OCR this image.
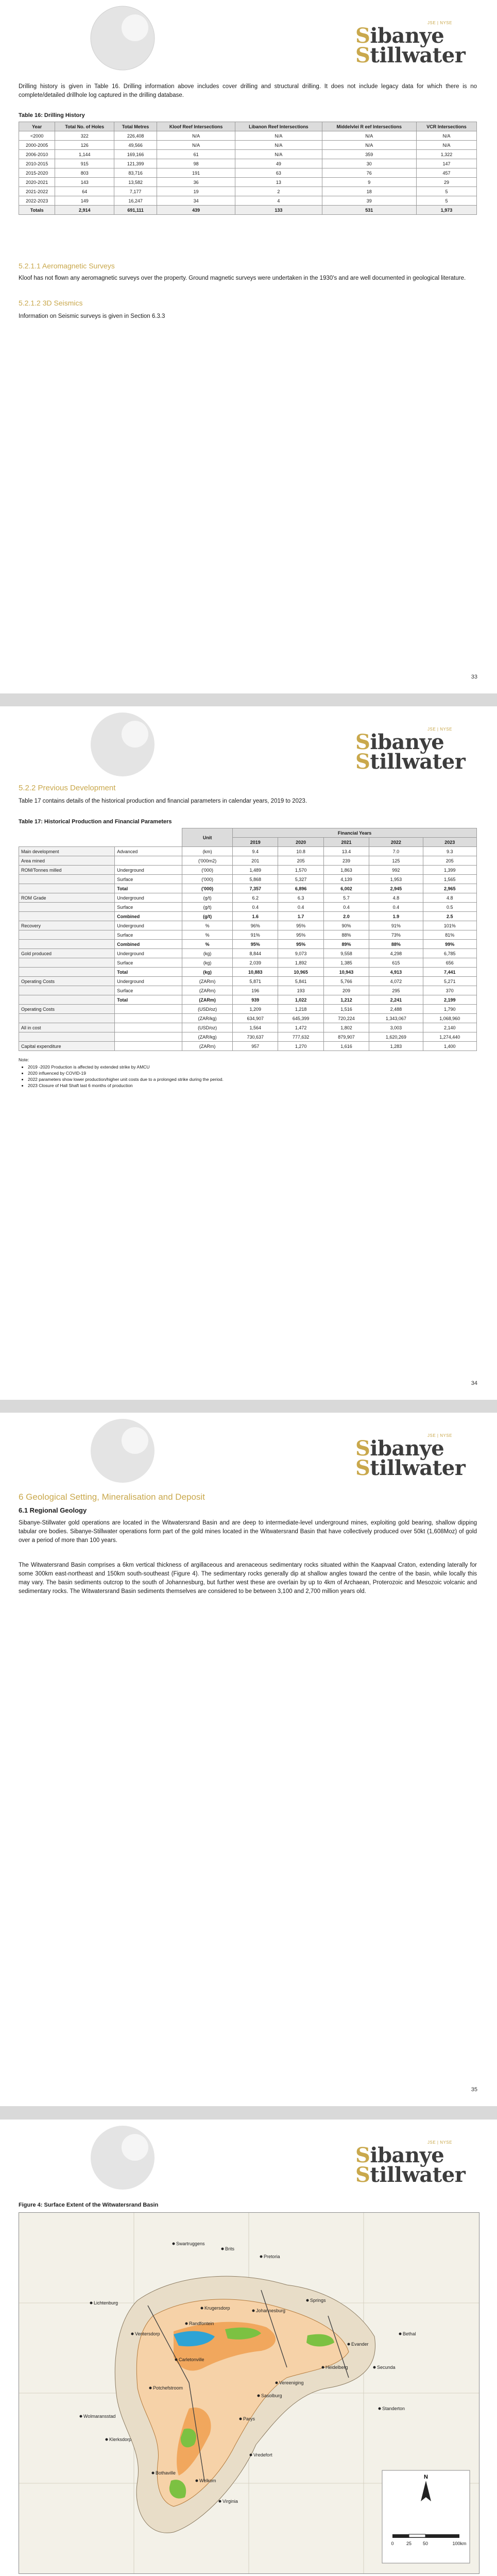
JSE | NYSE
Sibanye
Stillwater
Drilling history is given in Table 16. Drilling information above includes cover drilling and structural drilling. It does not include legacy data for which there is no complete/detailed drillhole log captured in the drilling database.
Table 16: Drilling History
Year	Total No. of Holes	Total Metres	Kloof Reef Intersections	Libanon Reef Intersections	Middelvlei R eef Intersections	VCR Intersections
<2000	322	226,408	N/A	N/A	N/A	N/A
2000-2005	126	49,566	N/A	N/A	N/A	N/A
2006-2010	1,144	169,166	61	N/A	359	1,322
2010-2015	915	121,399	98	49	30	147
2015-2020	803	83,716	191	63	76	457
2020-2021	143	13,582	36	13	9	29
2021-2022	64	7,177	19	2	18	5
2022-2023	149	16,247	34	4	39	5
Totals	2,914	691,111	439	133	531	1,973
5.2.1.1 Aeromagnetic Surveys
Kloof has not flown any aeromagnetic surveys over the property. Ground magnetic surveys were undertaken in the 1930's and are well documented in geological literature.
5.2.1.2 3D Seismics
Information on Seismic surveys is given in Section 6.3.3
33
JSE | NYSE
Sibanye
Stillwater
5.2.2 Previous Development
Table 17 contains details of the historical production and financial parameters in calendar years, 2019 to 2023.
Table 17: Historical Production and Financial Parameters
		Unit	Financial Years				
			2019	2020	2021	2022	2023
Main development	Advanced	(km)	9.4	10.8	13.4	7.0	9.3
Area mined		('000m2)	201	205	239	125	205
ROM/Tonnes milled	Underground	('000)	1,489	1,570	1,863	992	1,399
	Surface	('000)	5,868	5,327	4,139	1,953	1,565
	Total	('000)	7,357	6,896	6,002	2,945	2,965
ROM Grade	Underground	(g/t)	6.2	6.3	5.7	4.8	4.8
	Surface	(g/t)	0.4	0.4	0.4	0.4	0.5
	Combined	(g/t)	1.6	1.7	2.0	1.9	2.5
Recovery	Underground	%	96%	95%	90%	91%	101%
	Surface	%	91%	95%	88%	73%	81%
	Combined	%	95%	95%	89%	88%	99%
Gold produced	Underground	(kg)	8,844	9,073	9,558	4,298	6,785
	Surface	(kg)	2,039	1,892	1,385	615	656
	Total	(kg)	10,883	10,965	10,943	4,913	7,441
Operating Costs	Underground	(ZARm)	5,871	5,841	5,766	4,072	5,271
	Surface	(ZARm)	196	193	209	295	370
	Total	(ZARm)	939	1,022	1,212	2,241	2,199
Operating Costs		(USD/oz)	1,209	1,218	1,516	2,488	1,790
		(ZAR/kg)	634,907	645,399	720,224	1,343,067	1,068,960
All in cost		(USD/oz)	1,564	1,472	1,802	3,003	2,140
		(ZAR/kg)	730,637	777,632	879,907	1,620,269	1,274,440
Capital expenditure		(ZARm)	957	1,270	1,616	1,283	1,400
Note:
• 2019 -2020 Production is affected by extended strike by AMCU
• 2020 influenced by COVID-19
• 2022 parameters show lower production/higher unit costs due to a prolonged strike during the period.
• 2023 Closure of Hall Shaft last 6 months of production
34
JSE | NYSE
Sibanye
Stillwater
6 Geological Setting, Mineralisation and Deposit
6.1 Regional Geology
Sibanye-Stillwater gold operations are located in the Witwatersrand Basin and are deep to intermediate-level underground mines, exploiting gold bearing, shallow dipping tabular ore bodies. Sibanye-Stillwater operations form part of the gold mines located in the Witwatersrand Basin that have collectively produced over 50kt (1,608Moz) of gold over a period of more than 100 years.
The Witwatersrand Basin comprises a 6km vertical thickness of argillaceous and arenaceous sedimentary rocks situated within the Kaapvaal Craton, extending laterally for some 300km east-northeast and 150km south-southeast (Figure 4). The sedimentary rocks generally dip at shallow angles toward the centre of the basin, while locally this may vary. The basin sediments outcrop to the south of Johannesburg, but further west these are overlain by up to 4km of Archaean, Proterozoic and Mesozoic volcanic and sedimentary rocks. The Witwatersrand Basin sediments themselves are considered to be between 3,100 and 2,700 million years old.
35
JSE | NYSE
Sibanye
Stillwater
Figure 4: Surface Extent of the Witwatersrand Basin
Swartruggens
Brits
Pretoria
Lichtenburg
Krugersdorp	Johannesburg
Springs
Ventersdorp
Carletonville
Randfontein
Heidelberg
Potchefstroom
Evander
Bethal
Klerksdorp
Parys
Sasolburg
Vereeniging
Welkom
Virginia
Bothaville
Wolmaransstad
Vredefort
Secunda
Standerton
N
0	25 50	100km
